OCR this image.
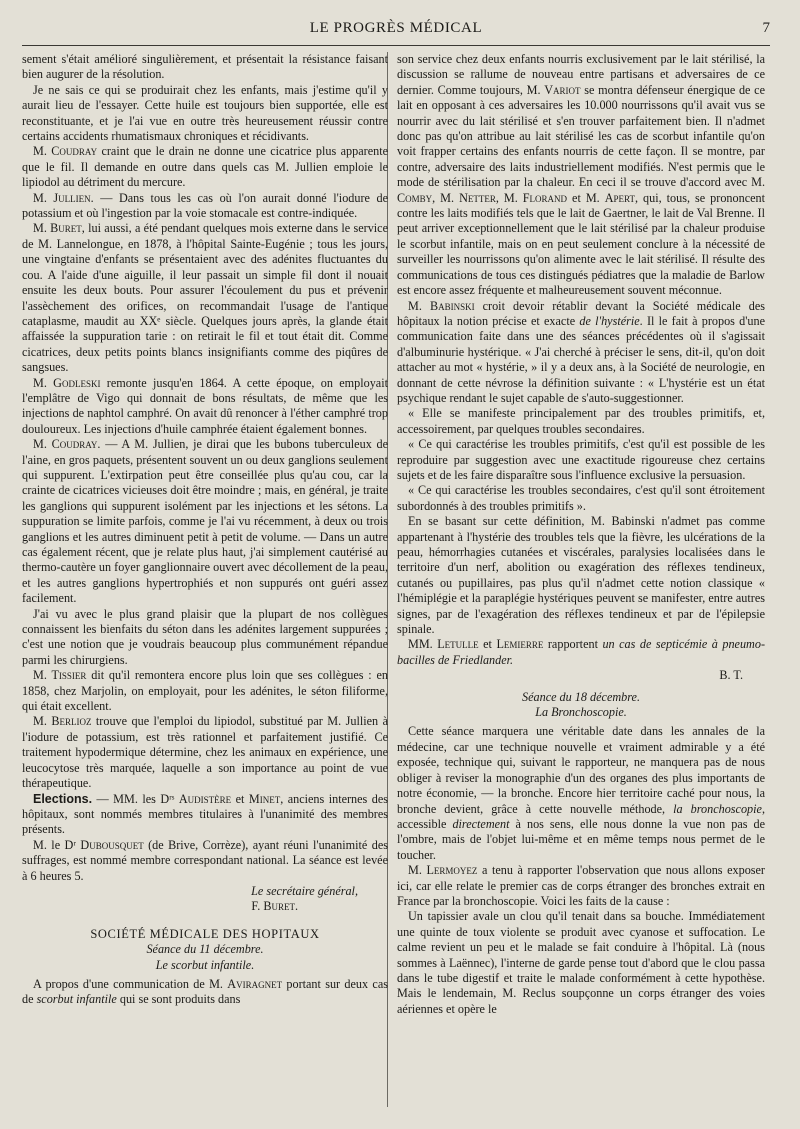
LE PROGRÈS MÉDICAL	7

sement s'était amélioré singulièrement, et présentait la résistance faisant bien augurer de la résolution.

Je ne sais ce qui se produirait chez les enfants, mais j'estime qu'il y aurait lieu de l'essayer. Cette huile est toujours bien supportée, elle est reconstituante, et je l'ai vue en outre très heureusement réussir contre certains accidents rhumatismaux chroniques et récidivants.

M. Coudray craint que le drain ne donne une cicatrice plus apparente que le fil. Il demande en outre dans quels cas M. Jullien emploie le lipiodol au détriment du mercure.

M. Jullien. — Dans tous les cas où l'on aurait donné l'iodure de potassium et où l'ingestion par la voie stomacale est contre-indiquée.

M. Buret, lui aussi, a été pendant quelques mois externe dans le service de M. Lannelongue, en 1878, à l'hôpital Sainte-Eugénie ; tous les jours, une vingtaine d'enfants se présentaient avec des adénites fluctuantes du cou. A l'aide d'une aiguille, il leur passait un simple fil dont il nouait ensuite les deux bouts. Pour assurer l'écoulement du pus et prévenir l'assèchement des orifices, on recommandait l'usage de l'antique cataplasme, maudit au XXᵉ siècle. Quelques jours après, la glande était affaissée la suppuration tarie : on retirait le fil et tout était dit. Comme cicatrices, deux petits points blancs insignifiants comme des piqûres de sangsues.

M. Godleski remonte jusqu'en 1864. A cette époque, on employait l'emplâtre de Vigo qui donnait de bons résultats, de même que les injections de naphtol camphré. On avait dû renoncer à l'éther camphré trop douloureux. Les injections d'huile camphrée étaient également bonnes.

M. Coudray. — A M. Jullien, je dirai que les bubons tuberculeux de l'aine, en gros paquets, présentent souvent un ou deux ganglions seulement qui suppurent. L'extirpation peut être conseillée plus qu'au cou, car la crainte de cicatrices vicieuses doit être moindre ; mais, en général, je traite les ganglions qui suppurent isolément par les injections et les sétons. La suppuration se limite parfois, comme je l'ai vu récemment, à deux ou trois ganglions et les autres diminuent petit à petit de volume. — Dans un autre cas également récent, que je relate plus haut, j'ai simplement cautérisé au thermo-cautère un foyer ganglionnaire ouvert avec décollement de la peau, et les autres ganglions hypertrophiés et non suppurés ont guéri assez facilement.

J'ai vu avec le plus grand plaisir que la plupart de nos collègues connaissent les bienfaits du séton dans les adénites largement suppurées ; c'est une notion que je voudrais beaucoup plus communément répandue parmi les chirurgiens.

M. Tissier dit qu'il remontera encore plus loin que ses collègues : en 1858, chez Marjolin, on employait, pour les adénites, le séton filiforme, qui était excellent.

M. Berlioz trouve que l'emploi du lipiodol, substitué par M. Jullien à l'iodure de potassium, est très rationnel et parfaitement justifié. Ce traitement hypodermique détermine, chez les animaux en expérience, une leucocytose très marquée, laquelle a son importance au point de vue thérapeutique.

Elections. — MM. les Dʳˢ Audistère et Minet, anciens internes des hôpitaux, sont nommés membres titulaires à l'unanimité des membres présents.

M. le Dʳ Dubousquet (de Brive, Corrèze), ayant réuni l'unanimité des suffrages, est nommé membre correspondant national. La séance est levée à 6 heures 5.

Le secrétaire général,
F. Buret.
SOCIÉTÉ MÉDICALE DES HOPITAUX
Séance du 11 décembre.
Le scorbut infantile.

A propos d'une communication de M. Aviragnet portant sur deux cas de scorbut infantile qui se sont produits dans

son service chez deux enfants nourris exclusivement par le lait stérilisé, la discussion se rallume de nouveau entre partisans et adversaires de ce dernier. Comme toujours, M. Variot se montra défenseur énergique de ce lait en opposant à ces adversaires les 10.000 nourrissons qu'il avait vus se nourrir avec du lait stérilisé et s'en trouver parfaitement bien. Il n'admet donc pas qu'on attribue au lait stérilisé les cas de scorbut infantile qu'on voit frapper certains des enfants nourris de cette façon. Il se montre, par contre, adversaire des laits industriellement modifiés. N'est permis que le mode de stérilisation par la chaleur. En ceci il se trouve d'accord avec M. Comby, M. Netter, M. Florand et M. Apert, qui, tous, se prononcent contre les laits modifiés tels que le lait de Gaertner, le lait de Val Brenne. Il peut arriver exceptionnellement que le lait stérilisé par la chaleur produise le scorbut infantile, mais on en peut seulement conclure à la nécessité de surveiller les nourrissons qu'on alimente avec le lait stérilisé. Il résulte des communications de tous ces distingués pédiatres que la maladie de Barlow est encore assez fréquente et malheureusement souvent méconnue.

M. Babinski croit devoir rétablir devant la Société médicale des hôpitaux la notion précise et exacte de l'hystérie. Il le fait à propos d'une communication faite dans une des séances précédentes où il s'agissait d'albuminurie hystérique. « J'ai cherché à préciser le sens, dit-il, qu'on doit attacher au mot « hystérie, » il y a deux ans, à la Société de neurologie, en donnant de cette névrose la définition suivante : « L'hystérie est un état psychique rendant le sujet capable de s'auto-suggestionner.

« Elle se manifeste principalement par des troubles primitifs, et, accessoirement, par quelques troubles secondaires.

« Ce qui caractérise les troubles primitifs, c'est qu'il est possible de les reproduire par suggestion avec une exactitude rigoureuse chez certains sujets et de les faire disparaître sous l'influence exclusive la persuasion.

« Ce qui caractérise les troubles secondaires, c'est qu'il sont étroitement subordonnés à des troubles primitifs ».

En se basant sur cette définition, M. Babinski n'admet pas comme appartenant à l'hystérie des troubles tels que la fièvre, les ulcérations de la peau, hémorrhagies cutanées et viscérales, paralysies localisées dans le territoire d'un nerf, abolition ou exagération des réflexes tendineux, cutanés ou pupillaires, pas plus qu'il n'admet cette notion classique « l'hémiplégie et la paraplégie hystériques peuvent se manifester, entre autres signes, par de l'exagération des réflexes tendineux et par de l'épilepsie spinale.

MM. Letulle et Lemierre rapportent un cas de septicémie à pneumo-bacilles de Friedlander.

B. T.
Séance du 18 décembre.
La Bronchoscopie.

Cette séance marquera une véritable date dans les annales de la médecine, car une technique nouvelle et vraiment admirable y a été exposée, technique qui, suivant le rapporteur, ne manquera pas de nous obliger à reviser la monographie d'un des organes des plus importants de notre économie, — la bronche. Encore hier territoire caché pour nous, la bronche devient, grâce à cette nouvelle méthode, la bronchoscopie, accessible directement à nos sens, elle nous donne la vue non pas de l'ombre, mais de l'objet lui-même et en même temps nous permet de le toucher.

M. Lermoyez a tenu à rapporter l'observation que nous allons exposer ici, car elle relate le premier cas de corps étranger des bronches extrait en France par la bronchoscopie. Voici les faits de la cause :

Un tapissier avale un clou qu'il tenait dans sa bouche. Immédiatement une quinte de toux violente se produit avec cyanose et suffocation. Le calme revient un peu et le malade se fait conduire à l'hôpital. Là (nous sommes à Laënnec), l'interne de garde pense tout d'abord que le clou passa dans le tube digestif et traite le malade conformément à cette hypothèse. Mais le lendemain, M. Reclus soupçonne un corps étranger des voies aériennes et opère le
